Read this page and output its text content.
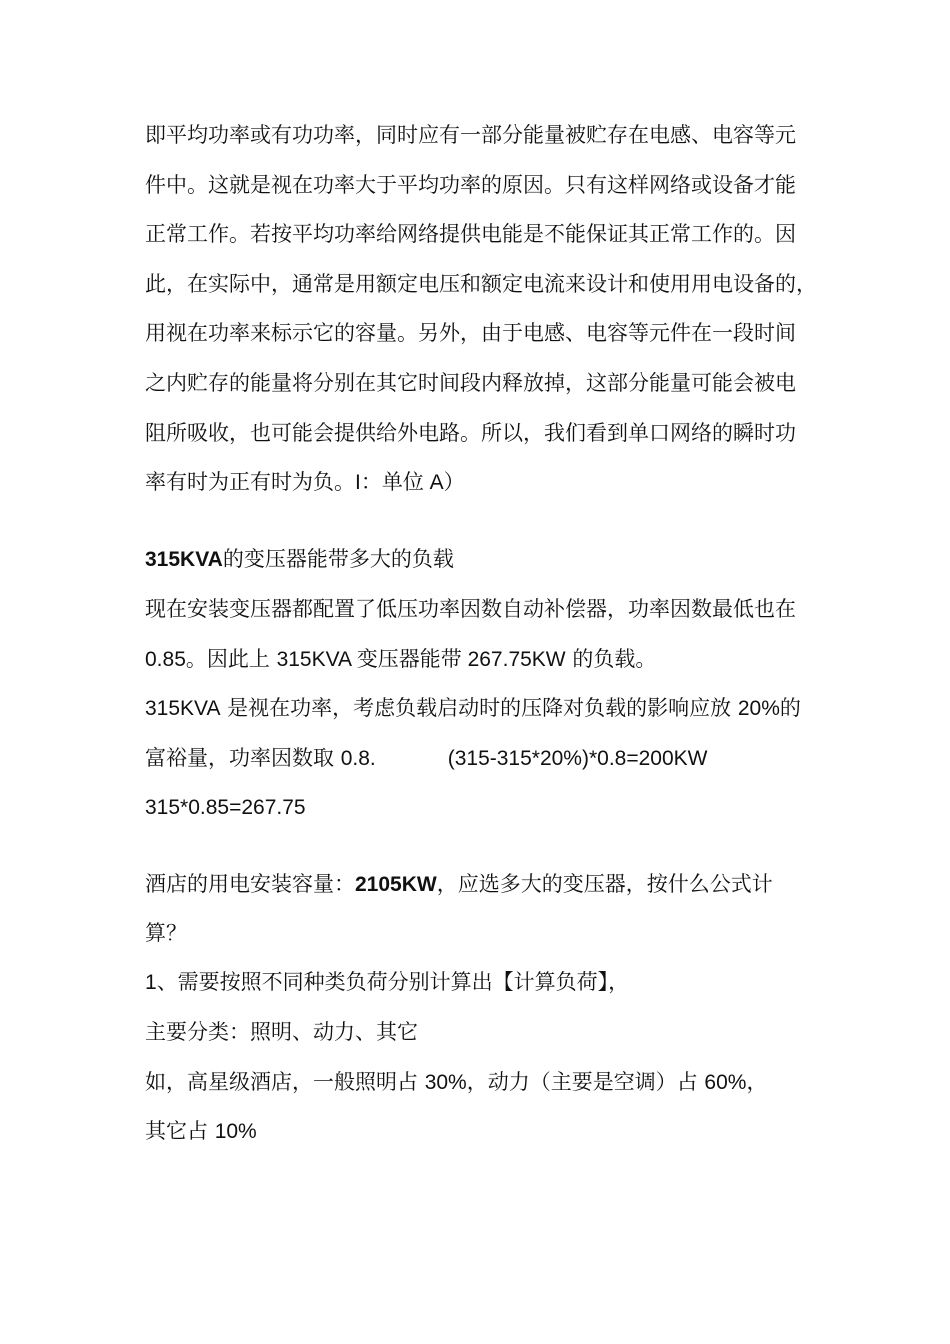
即平均功率或有功功率，同时应有一部分能量被贮存在电感、电容等元
件中。这就是视在功率大于平均功率的原因。只有这样网络或设备才能
正常工作。若按平均功率给网络提供电能是不能保证其正常工作的。因
此，在实际中，通常是用额定电压和额定电流来设计和使用用电设备的，
用视在功率来标示它的容量。另外，由于电感、电容等元件在一段时间
之内贮存的能量将分别在其它时间段内释放掉，这部分能量可能会被电
阻所吸收，也可能会提供给外电路。所以，我们看到单口网络的瞬时功
率有时为正有时为负。I：单位 A）
315KVA的变压器能带多大的负载
现在安装变压器都配置了低压功率因数自动补偿器，功率因数最低也在
0.85。因此上 315KVA 变压器能带 267.75KW 的负载。
315KVA 是视在功率，考虑负载启动时的压降对负载的影响应放 20%的
富裕量，功率因数取 0.8.	(315-315*20%)*0.8=200KW
315*0.85=267.75
酒店的用电安装容量：2105KW，应选多大的变压器，按什么公式计
算？
1、需要按照不同种类负荷分别计算出【计算负荷】，
主要分类：照明、动力、其它
如，高星级酒店，一般照明占 30%，动力（主要是空调）占 60%，
其它占 10%
